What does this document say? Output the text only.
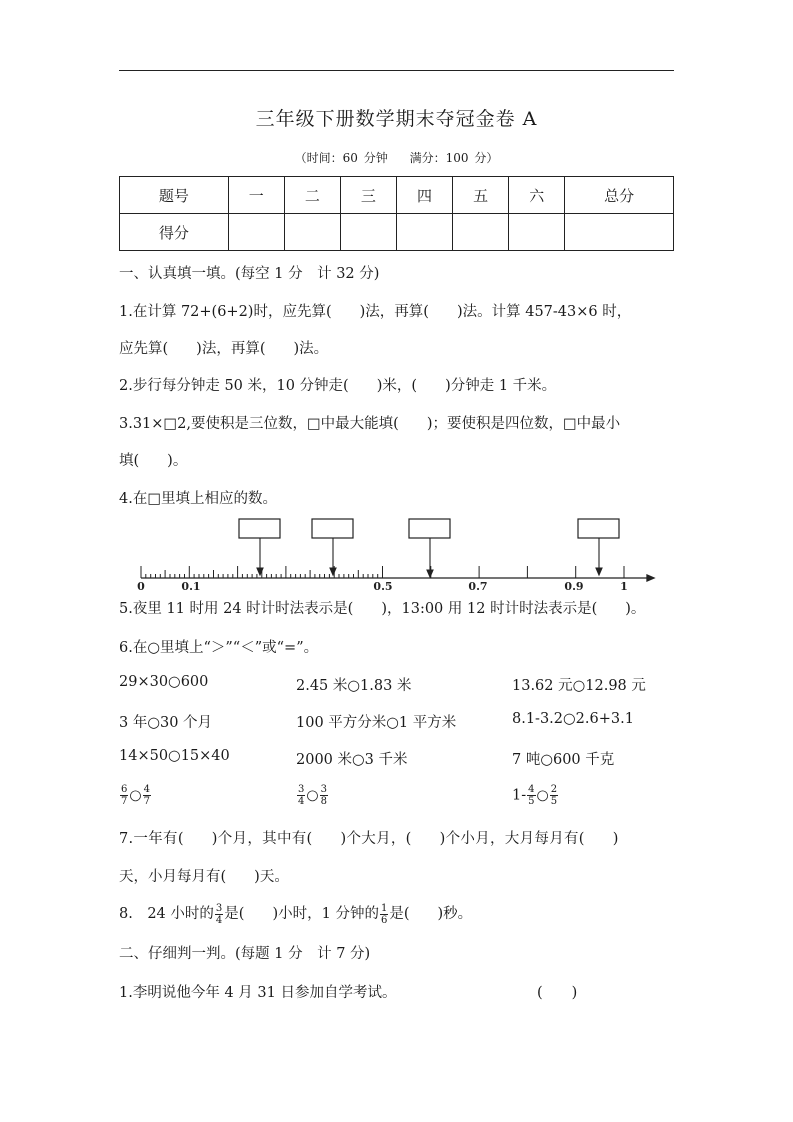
三年级下册数学期末夺冠金卷 A
（时间：60 分钟 满分：100 分）
题号	一	二	三	四	五	六	总分
得分							
一、认真填一填。(每空 1 分　计 32 分)
1.在计算 72+(6+2)时，应先算( )法，再算( )法。计算 457-43×6 时，
应先算( )法，再算( )法。
2.步行每分钟走 50 米，10 分钟走( )米，( )分钟走 1 千米。
3.31×□2,要使积是三位数，□中最大能填( )；要使积是四位数，□中最小
填( )。
4.在□里填上相应的数。
0	0.1	0.5	0.7	0.9	1
5.夜里 11 时用 24 时计时法表示是( )，13:00 用 12 时计时法表示是( )。
6.在○里填上“＞”“＜”或“=”。
29×30○600	2.45 米○1.83 米	13.62 元○12.98 元
3 年○30 个月	100 平方分米○1 平方米	8.1-3.2○2.6+3.1
14×50○15×40	2000 米○3 千米	7 吨○600 千克
$\frac{6}{7}$ ○ $\frac{4}{7}$	$\frac{3}{4}$ ○ $\frac{3}{8}$	$1- \frac{4}{5}$ ○ $\frac{2}{5}$
7.一年有( )个月，其中有( )个大月，( )个小月，大月每月有( )
天，小月每月有( )天。
8.　24 小时的 $\frac{3}{4}$ 是( )小时，1 分钟的 $\frac{1}{6}$ 是( )秒。
二、仔细判一判。(每题 1 分　计 7 分)
1.李明说他今年 4 月 31 日参加自学考试。	(　　)
